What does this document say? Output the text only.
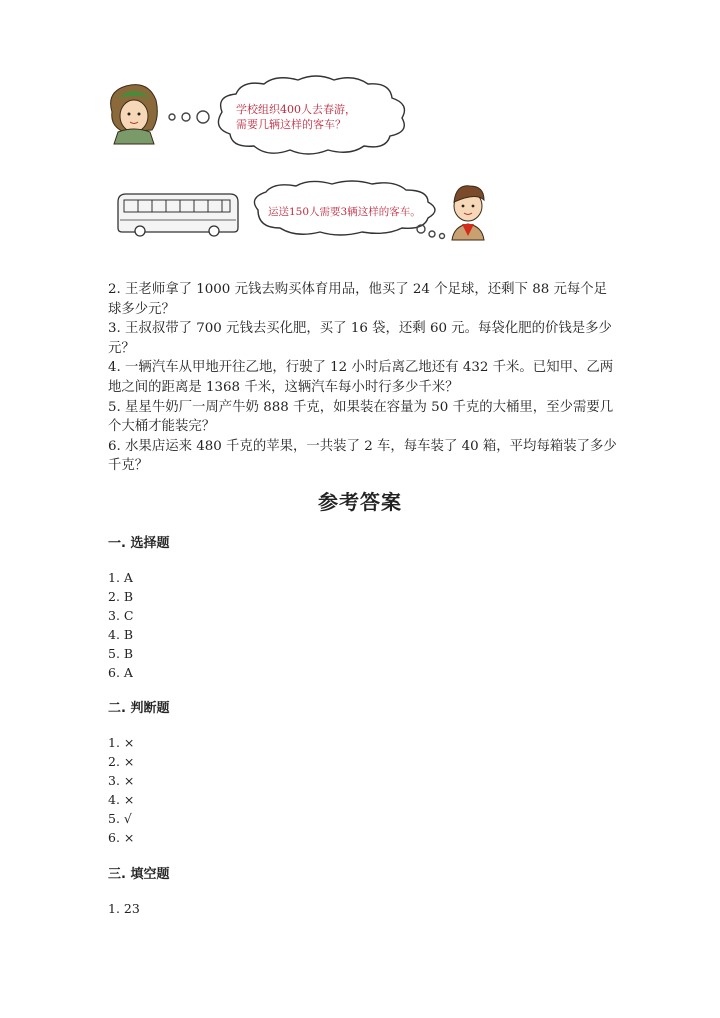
学校组织400人去春游，需要几辆这样的客车？
运送150人需要3辆这样的客车。

2. 王老师拿了 1000 元钱去购买体育用品，他买了 24 个足球，还剩下 88 元每个足球多少元？

3. 王叔叔带了 700 元钱去买化肥，买了 16 袋，还剩 60 元。每袋化肥的价钱是多少元？

4. 一辆汽车从甲地开往乙地，行驶了 12 小时后离乙地还有 432 千米。已知甲、乙两地之间的距离是 1368 千米，这辆汽车每小时行多少千米？

5. 星星牛奶厂一周产牛奶 888 千克，如果装在容量为 50 千克的大桶里，至少需要几个大桶才能装完？

6. 水果店运来 480 千克的苹果，一共装了 2 车，每车装了 40 箱，平均每箱装了多少千克？

参考答案
一. 选择题
1. A
2. B
3. C
4. B
5. B
6. A
二. 判断题
1. ×
2. ×
3. ×
4. ×
5. √
6. ×
三. 填空题
1. 23
